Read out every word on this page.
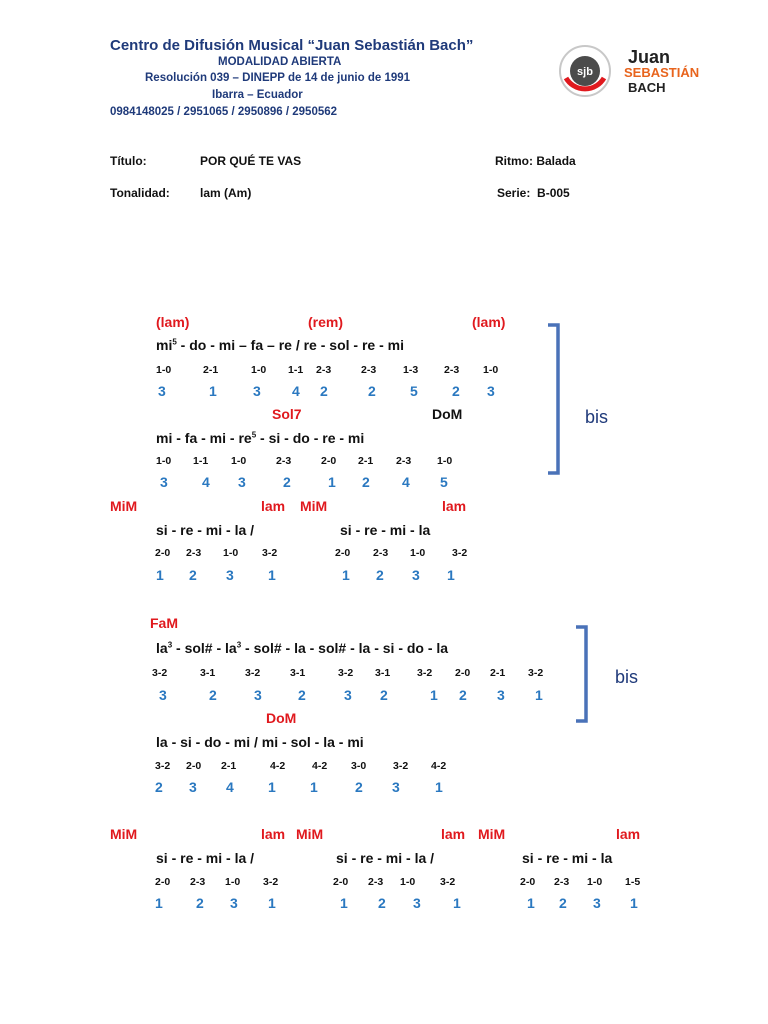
Centro de Difusión Musical “Juan Sebastián Bach”
MODALIDAD ABIERTA
Resolución 039 – DINEPP de 14 de junio de 1991
Ibarra – Ecuador
0984148025 / 2951065 / 2950896 / 2950562
sjb
Juan
SEBASTIÁN
BACH
Título:	POR QUÉ TE VAS	Ritmo: Balada
Tonalidad:	lam (Am)	Serie: B-005
(lam)	(rem)	(lam)
$mi^5$ - do - mi – fa – re / re - sol - re - mi
Sol7	DoM
mi - fa - mi - $re^5$ - si - do - re - mi
MiM	lam MiM	lam
si - re - mi - la /	si - re - mi - la
FaM
$la^3$ - sol# - $la^3$ - sol# - la - sol# - la - si - do - la
DoM
la - si - do - mi / mi - sol - la - mi
MiM	lam MiM	lam MiM	lam
si - re - mi - la /	si - re - mi - la /	si - re - mi - la
bis
bis
1-0	2-1	1-0 1-1 2-3	2-3	1-3 2-3 1-0
3	1	3 4 2	2 5 2 3
1-0 1-1 1-0	2-3	2-0 2-1 2-3 1-0
3 4 3	2	1 2 4 5
2-0 2-3 1-0 3-2	2-0 2-3 1-0	3-2
1 2 3 1	1 2 3 1
3-2	3-1	3-2	3-1	3-2 3-1	3-2 2-0 2-1 3-2
3	2	3	2	3 2	1 2 3 1
3-2 2-0 2-1	4-2	4-2 3-0	3-2 4-2
2 3 4 1 1	2 3	1
2-0 2-3 1-0 3-2	2-0 2-3 1-0 3-2	2-0 2-3 1-0 1-5
1 2 3 1	1 2 3 1	1 2 3 1
